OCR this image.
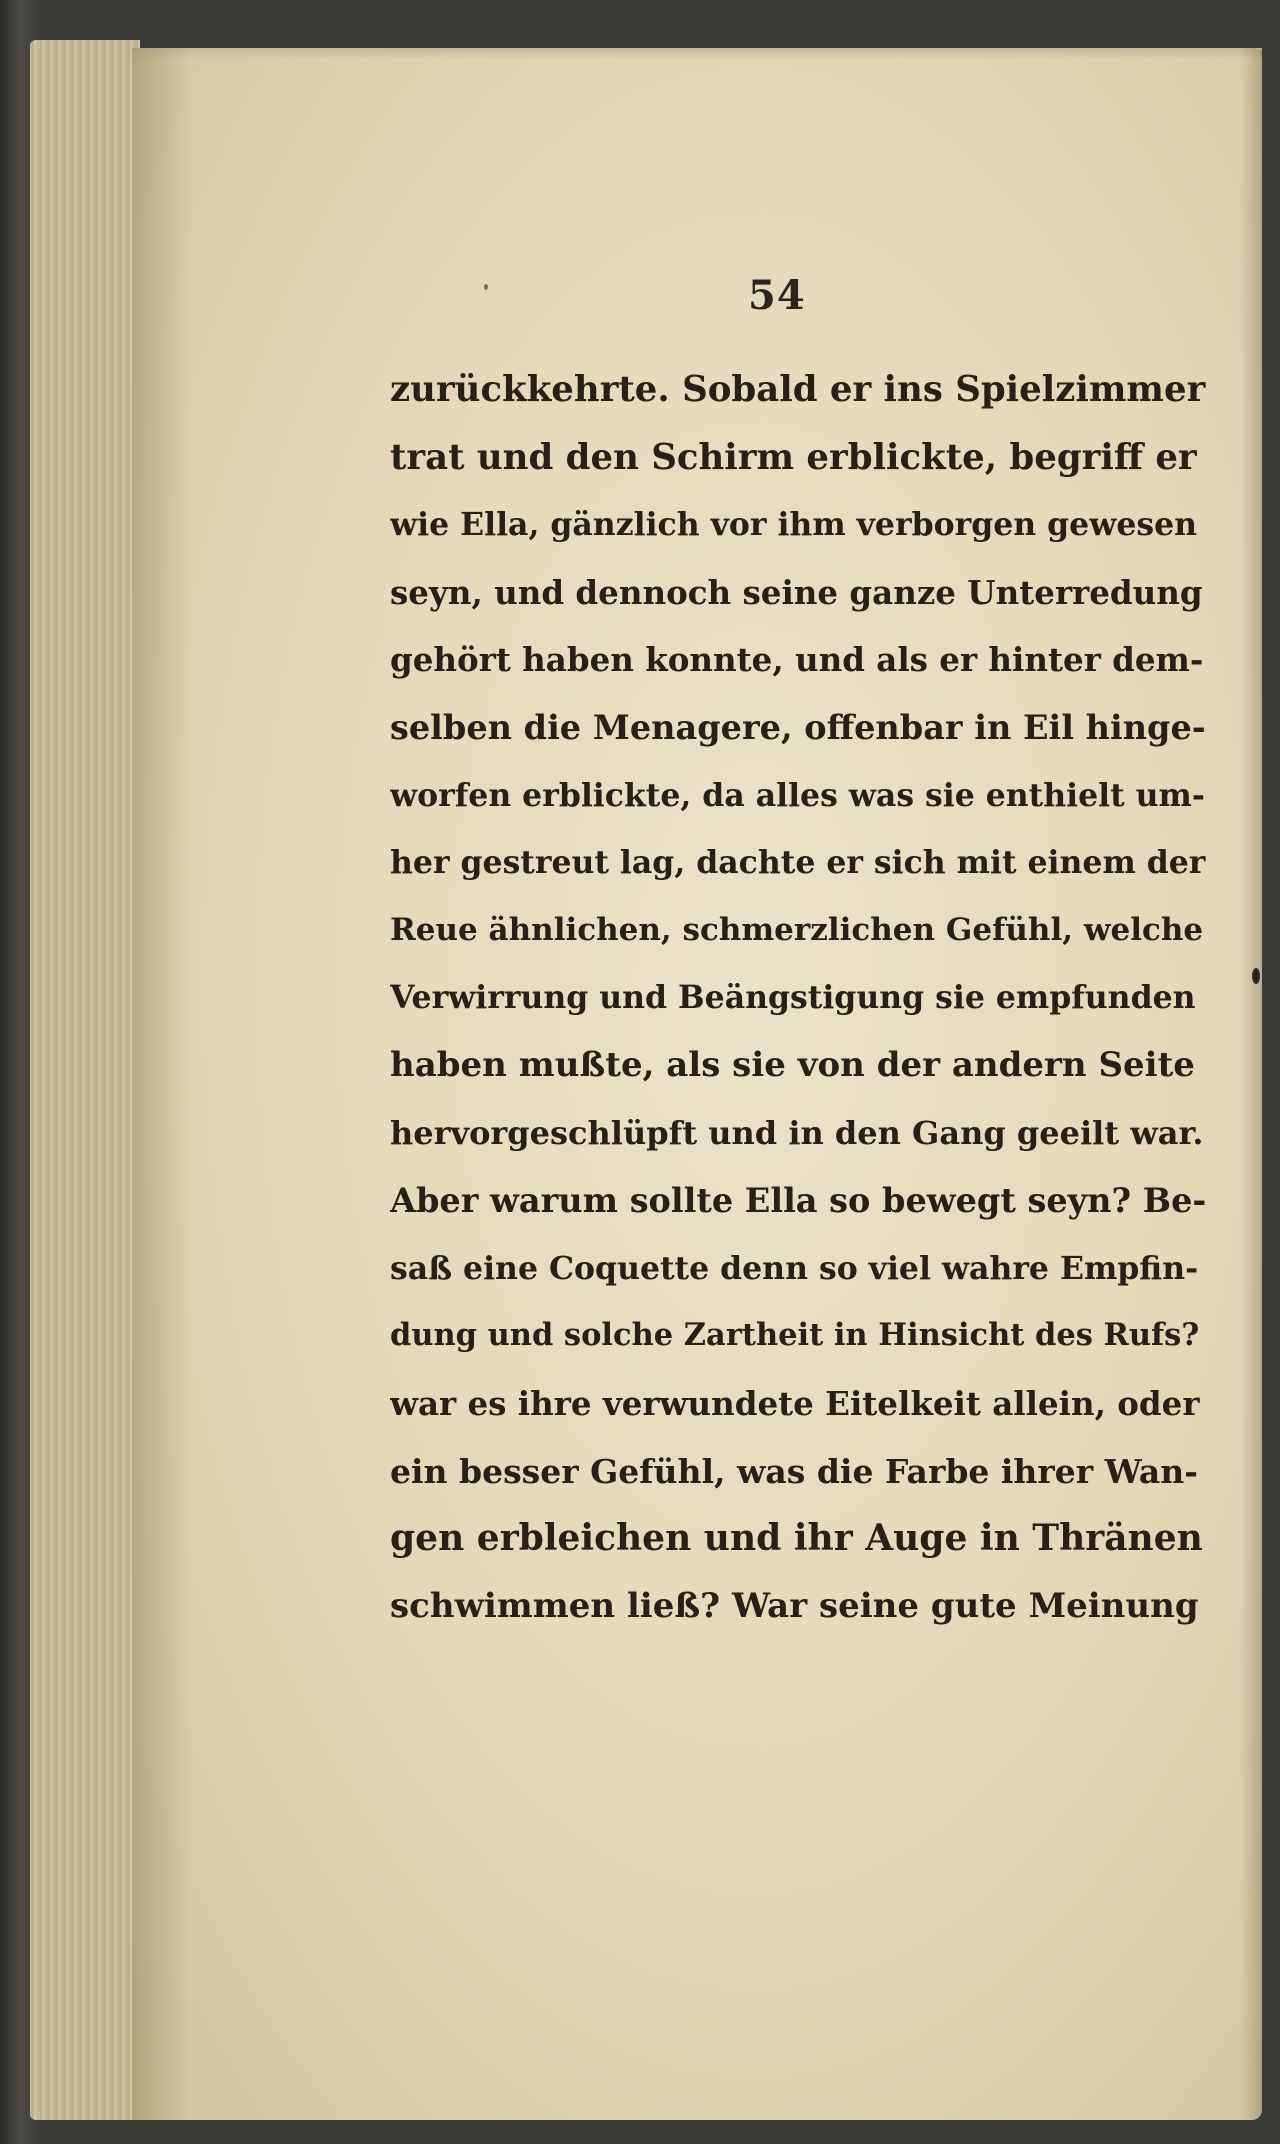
54
zurückkehrte. Sobald er ins Spielzimmer
trat und den Schirm erblickte, begriff er
wie Ella, gänzlich vor ihm verborgen gewesen
seyn, und dennoch seine ganze Unterredung
gehört haben konnte, und als er hinter dem-
selben die Menagere, offenbar in Eil hinge-
worfen erblickte, da alles was sie enthielt um-
her gestreut lag, dachte er sich mit einem der
Reue ähnlichen, schmerzlichen Gefühl, welche
Verwirrung und Beängstigung sie empfunden
haben mußte, als sie von der andern Seite
hervorgeschlüpft und in den Gang geeilt war.
Aber warum sollte Ella so bewegt seyn? Be-
saß eine Coquette denn so viel wahre Empfin-
dung und solche Zartheit in Hinsicht des Rufs?
war es ihre verwundete Eitelkeit allein, oder
ein besser Gefühl, was die Farbe ihrer Wan-
gen erbleichen und ihr Auge in Thränen
schwimmen ließ? War seine gute Meinung
